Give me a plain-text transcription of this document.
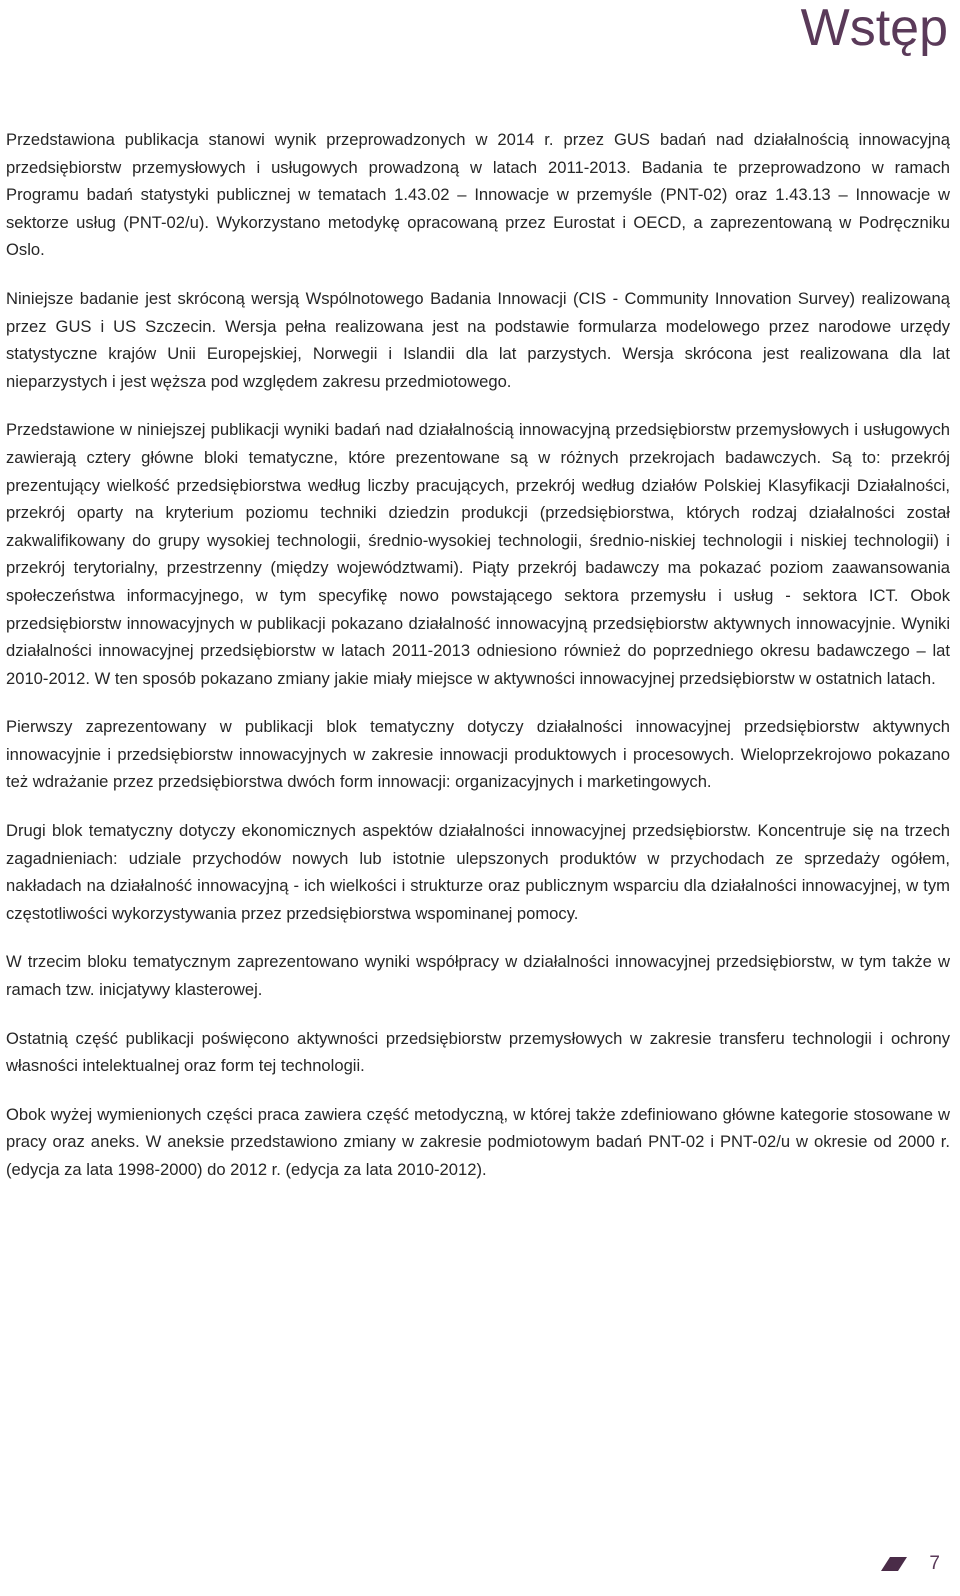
Wstęp

Przedstawiona publikacja stanowi wynik przeprowadzonych w 2014 r. przez GUS badań nad działalnością innowacyjną przedsiębiorstw przemysłowych i usługowych prowadzoną w latach 2011-2013. Badania te przeprowadzono w ramach Programu badań statystyki publicznej w tematach 1.43.02 – Innowacje w przemyśle (PNT-02) oraz 1.43.13 – Innowacje w sektorze usług (PNT-02/u). Wykorzystano metodykę opracowaną przez Eurostat i OECD, a zaprezentowaną w Podręczniku Oslo.

Niniejsze badanie jest skróconą wersją Wspólnotowego Badania Innowacji (CIS - Community Innovation Survey) realizowaną przez GUS i US Szczecin. Wersja pełna realizowana jest na podstawie formularza modelowego przez narodowe urzędy statystyczne krajów Unii Europejskiej, Norwegii i Islandii dla lat parzystych. Wersja skrócona jest realizowana dla lat nieparzystych i jest węższa pod względem zakresu przedmiotowego.

Przedstawione w niniejszej publikacji wyniki badań nad działalnością innowacyjną przedsiębiorstw przemysłowych i usługowych zawierają cztery główne bloki tematyczne, które prezentowane są w różnych przekrojach badawczych. Są to: przekrój prezentujący wielkość przedsiębiorstwa według liczby pracujących, przekrój według działów Polskiej Klasyfikacji Działalności, przekrój oparty na kryterium poziomu techniki dziedzin produkcji (przedsiębiorstwa, których rodzaj działalności został zakwalifikowany do grupy wysokiej technologii, średnio-wysokiej technologii, średnio-niskiej technologii i niskiej technologii) i przekrój terytorialny, przestrzenny (między województwami). Piąty przekrój badawczy ma pokazać poziom zaawansowania społeczeństwa informacyjnego, w tym specyfikę nowo powstającego sektora przemysłu i usług - sektora ICT. Obok przedsiębiorstw innowacyjnych w publikacji pokazano działalność innowacyjną przedsiębiorstw aktywnych innowacyjnie. Wyniki działalności innowacyjnej przedsiębiorstw w latach 2011-2013 odniesiono również do poprzedniego okresu badawczego – lat 2010-2012. W ten sposób pokazano zmiany jakie miały miejsce w aktywności innowacyjnej przedsiębiorstw w ostatnich latach.

Pierwszy zaprezentowany w publikacji blok tematyczny dotyczy działalności innowacyjnej przedsiębiorstw aktywnych innowacyjnie i przedsiębiorstw innowacyjnych w zakresie innowacji produktowych i procesowych. Wieloprzekrojowo pokazano też wdrażanie przez przedsiębiorstwa dwóch form innowacji: organizacyjnych i marketingowych.

Drugi blok tematyczny dotyczy ekonomicznych aspektów działalności innowacyjnej przedsiębiorstw. Koncentruje się na trzech zagadnieniach: udziale przychodów nowych lub istotnie ulepszonych produktów w przychodach ze sprzedaży ogółem, nakładach na działalność innowacyjną - ich wielkości i strukturze oraz publicznym wsparciu dla działalności innowacyjnej, w tym częstotliwości wykorzystywania przez przedsiębiorstwa wspominanej pomocy.

W trzecim bloku tematycznym zaprezentowano wyniki współpracy w działalności innowacyjnej przedsiębiorstw, w tym także w ramach tzw. inicjatywy klasterowej.

Ostatnią część publikacji poświęcono aktywności przedsiębiorstw przemysłowych w zakresie transferu technologii i ochrony własności intelektualnej oraz form tej technologii.

Obok wyżej wymienionych części praca zawiera część metodyczną, w której także zdefiniowano główne kategorie stosowane w pracy oraz aneks. W aneksie przedstawiono zmiany w zakresie podmiotowym badań PNT-02 i PNT-02/u w okresie od 2000 r. (edycja za lata 1998-2000) do 2012 r. (edycja za lata 2010-2012).

7
